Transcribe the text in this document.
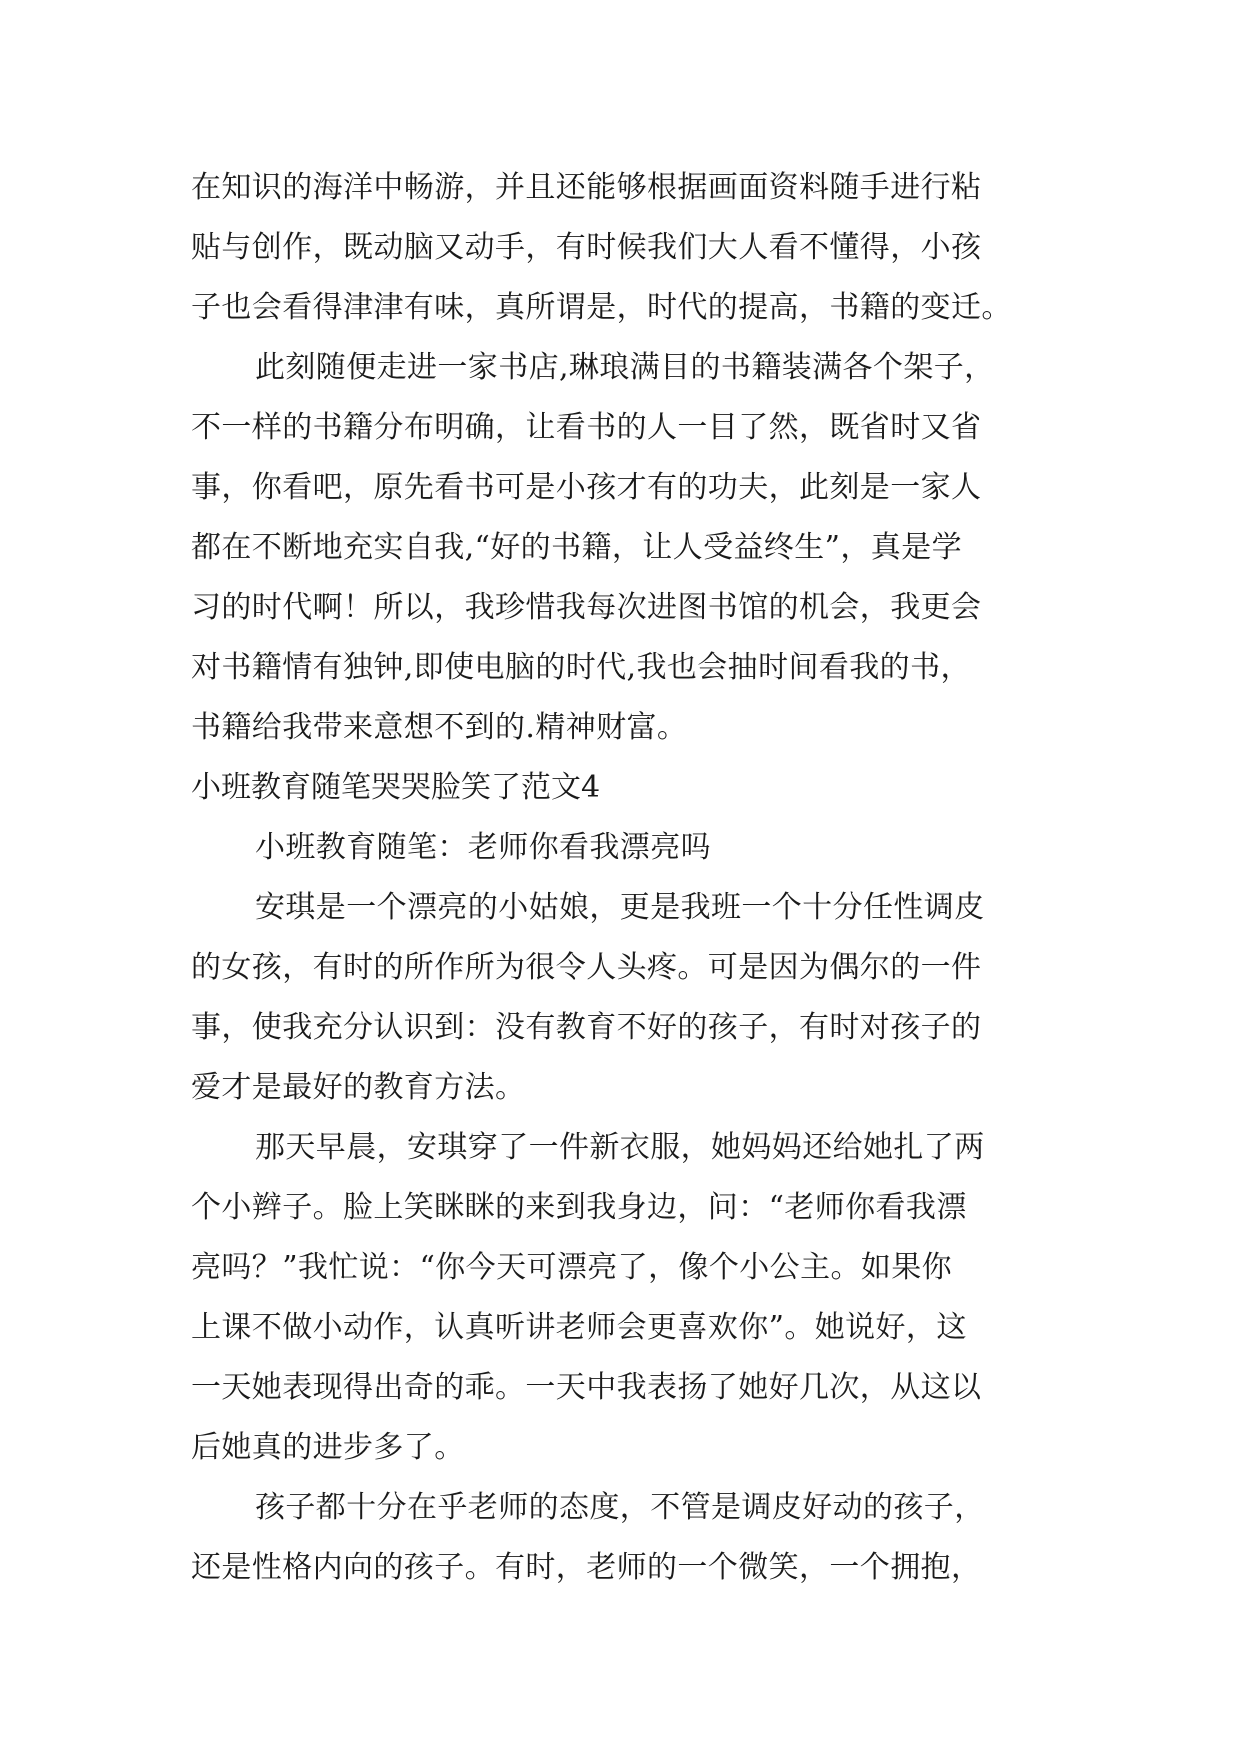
在知识的海洋中畅游，并且还能够根据画面资料随手进行粘
贴与创作，既动脑又动手，有时候我们大人看不懂得，小孩
子也会看得津津有味，真所谓是，时代的提高，书籍的变迁。
此刻随便走进一家书店,琳琅满目的书籍装满各个架子，
不一样的书籍分布明确，让看书的人一目了然，既省时又省
事，你看吧，原先看书可是小孩才有的功夫，此刻是一家人
都在不断地充实自我,“好的书籍，让人受益终生”，真是学
习的时代啊！所以，我珍惜我每次进图书馆的机会，我更会
对书籍情有独钟,即使电脑的时代,我也会抽时间看我的书，
书籍给我带来意想不到的.精神财富。
小班教育随笔哭哭脸笑了范文4
小班教育随笔：老师你看我漂亮吗
安琪是一个漂亮的小姑娘，更是我班一个十分任性调皮
的女孩，有时的所作所为很令人头疼。可是因为偶尔的一件
事，使我充分认识到：没有教育不好的孩子，有时对孩子的
爱才是最好的教育方法。
那天早晨，安琪穿了一件新衣服，她妈妈还给她扎了两
个小辫子。脸上笑眯眯的来到我身边，问：“老师你看我漂
亮吗？”我忙说：“你今天可漂亮了，像个小公主。如果你
上课不做小动作，认真听讲老师会更喜欢你”。她说好，这
一天她表现得出奇的乖。一天中我表扬了她好几次，从这以
后她真的进步多了。
孩子都十分在乎老师的态度，不管是调皮好动的孩子，
还是性格内向的孩子。有时，老师的一个微笑，一个拥抱，
